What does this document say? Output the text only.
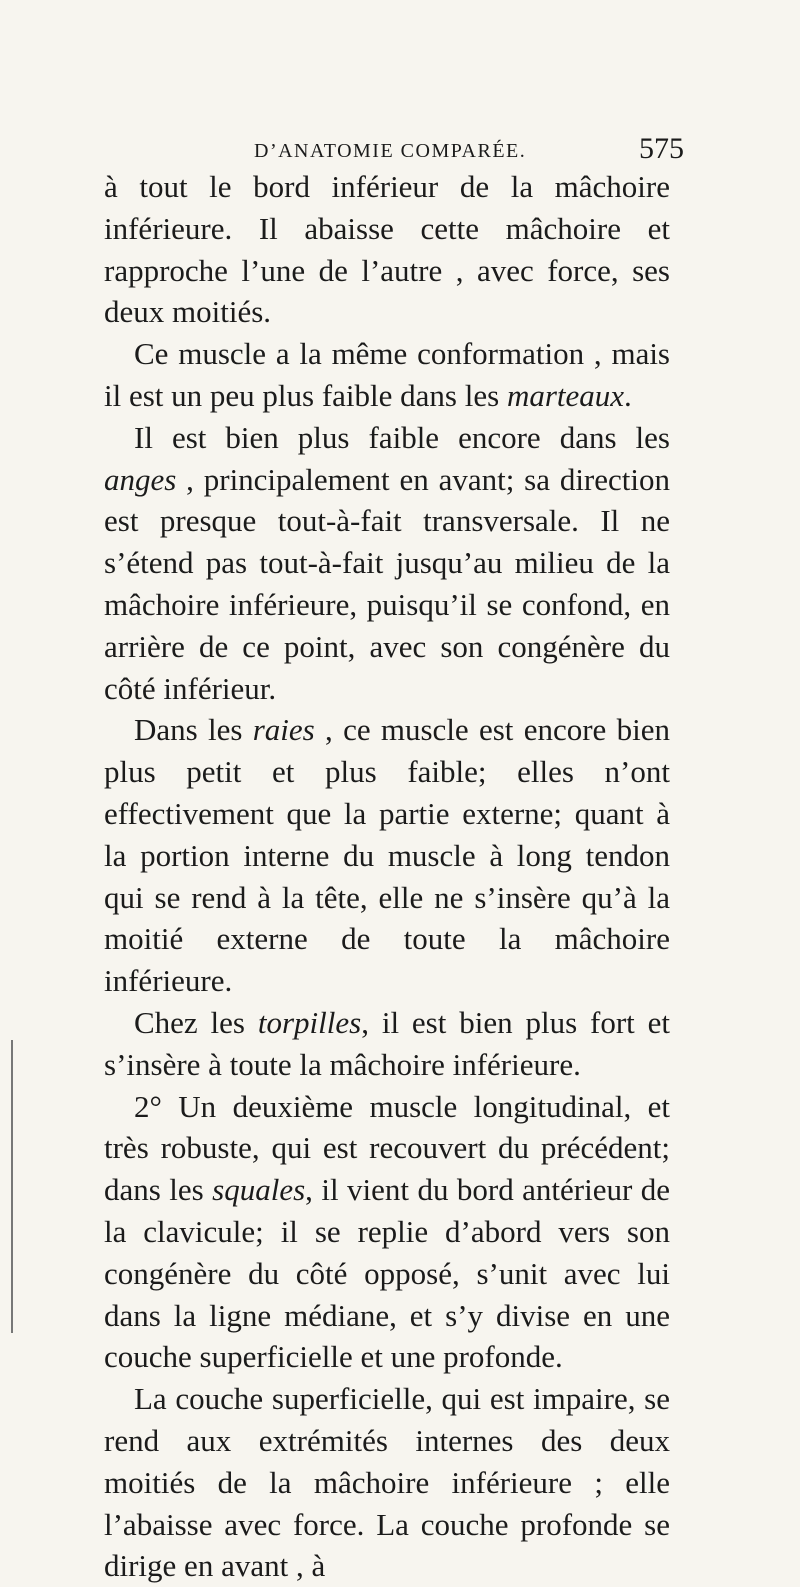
D’ANATOMIE COMPARÉE.	575

à tout le bord inférieur de la mâchoire inférieure. Il abaisse cette mâchoire et rapproche l’une de l’autre , avec force, ses deux moitiés.

Ce muscle a la même conformation , mais il est un peu plus faible dans les marteaux.

Il est bien plus faible encore dans les anges , principalement en avant; sa direction est presque tout-à-fait transversale. Il ne s’étend pas tout-à-fait jusqu’au milieu de la mâchoire inférieure, puisqu’il se confond, en arrière de ce point, avec son congénère du côté inférieur.

Dans les raies , ce muscle est encore bien plus petit et plus faible; elles n’ont effectivement que la partie externe; quant à la portion interne du muscle à long tendon qui se rend à la tête, elle ne s’insère qu’à la moitié externe de toute la mâchoire inférieure.

Chez les torpilles, il est bien plus fort et s’insère à toute la mâchoire inférieure.

2° Un deuxième muscle longitudinal, et très robuste, qui est recouvert du précédent; dans les squales, il vient du bord antérieur de la clavicule; il se replie d’abord vers son congénère du côté opposé, s’unit avec lui dans la ligne médiane, et s’y divise en une couche superficielle et une profonde.

La couche superficielle, qui est impaire, se rend aux extrémités internes des deux moitiés de la mâchoire inférieure ; elle l’abaisse avec force. La couche profonde se dirige en avant , à
